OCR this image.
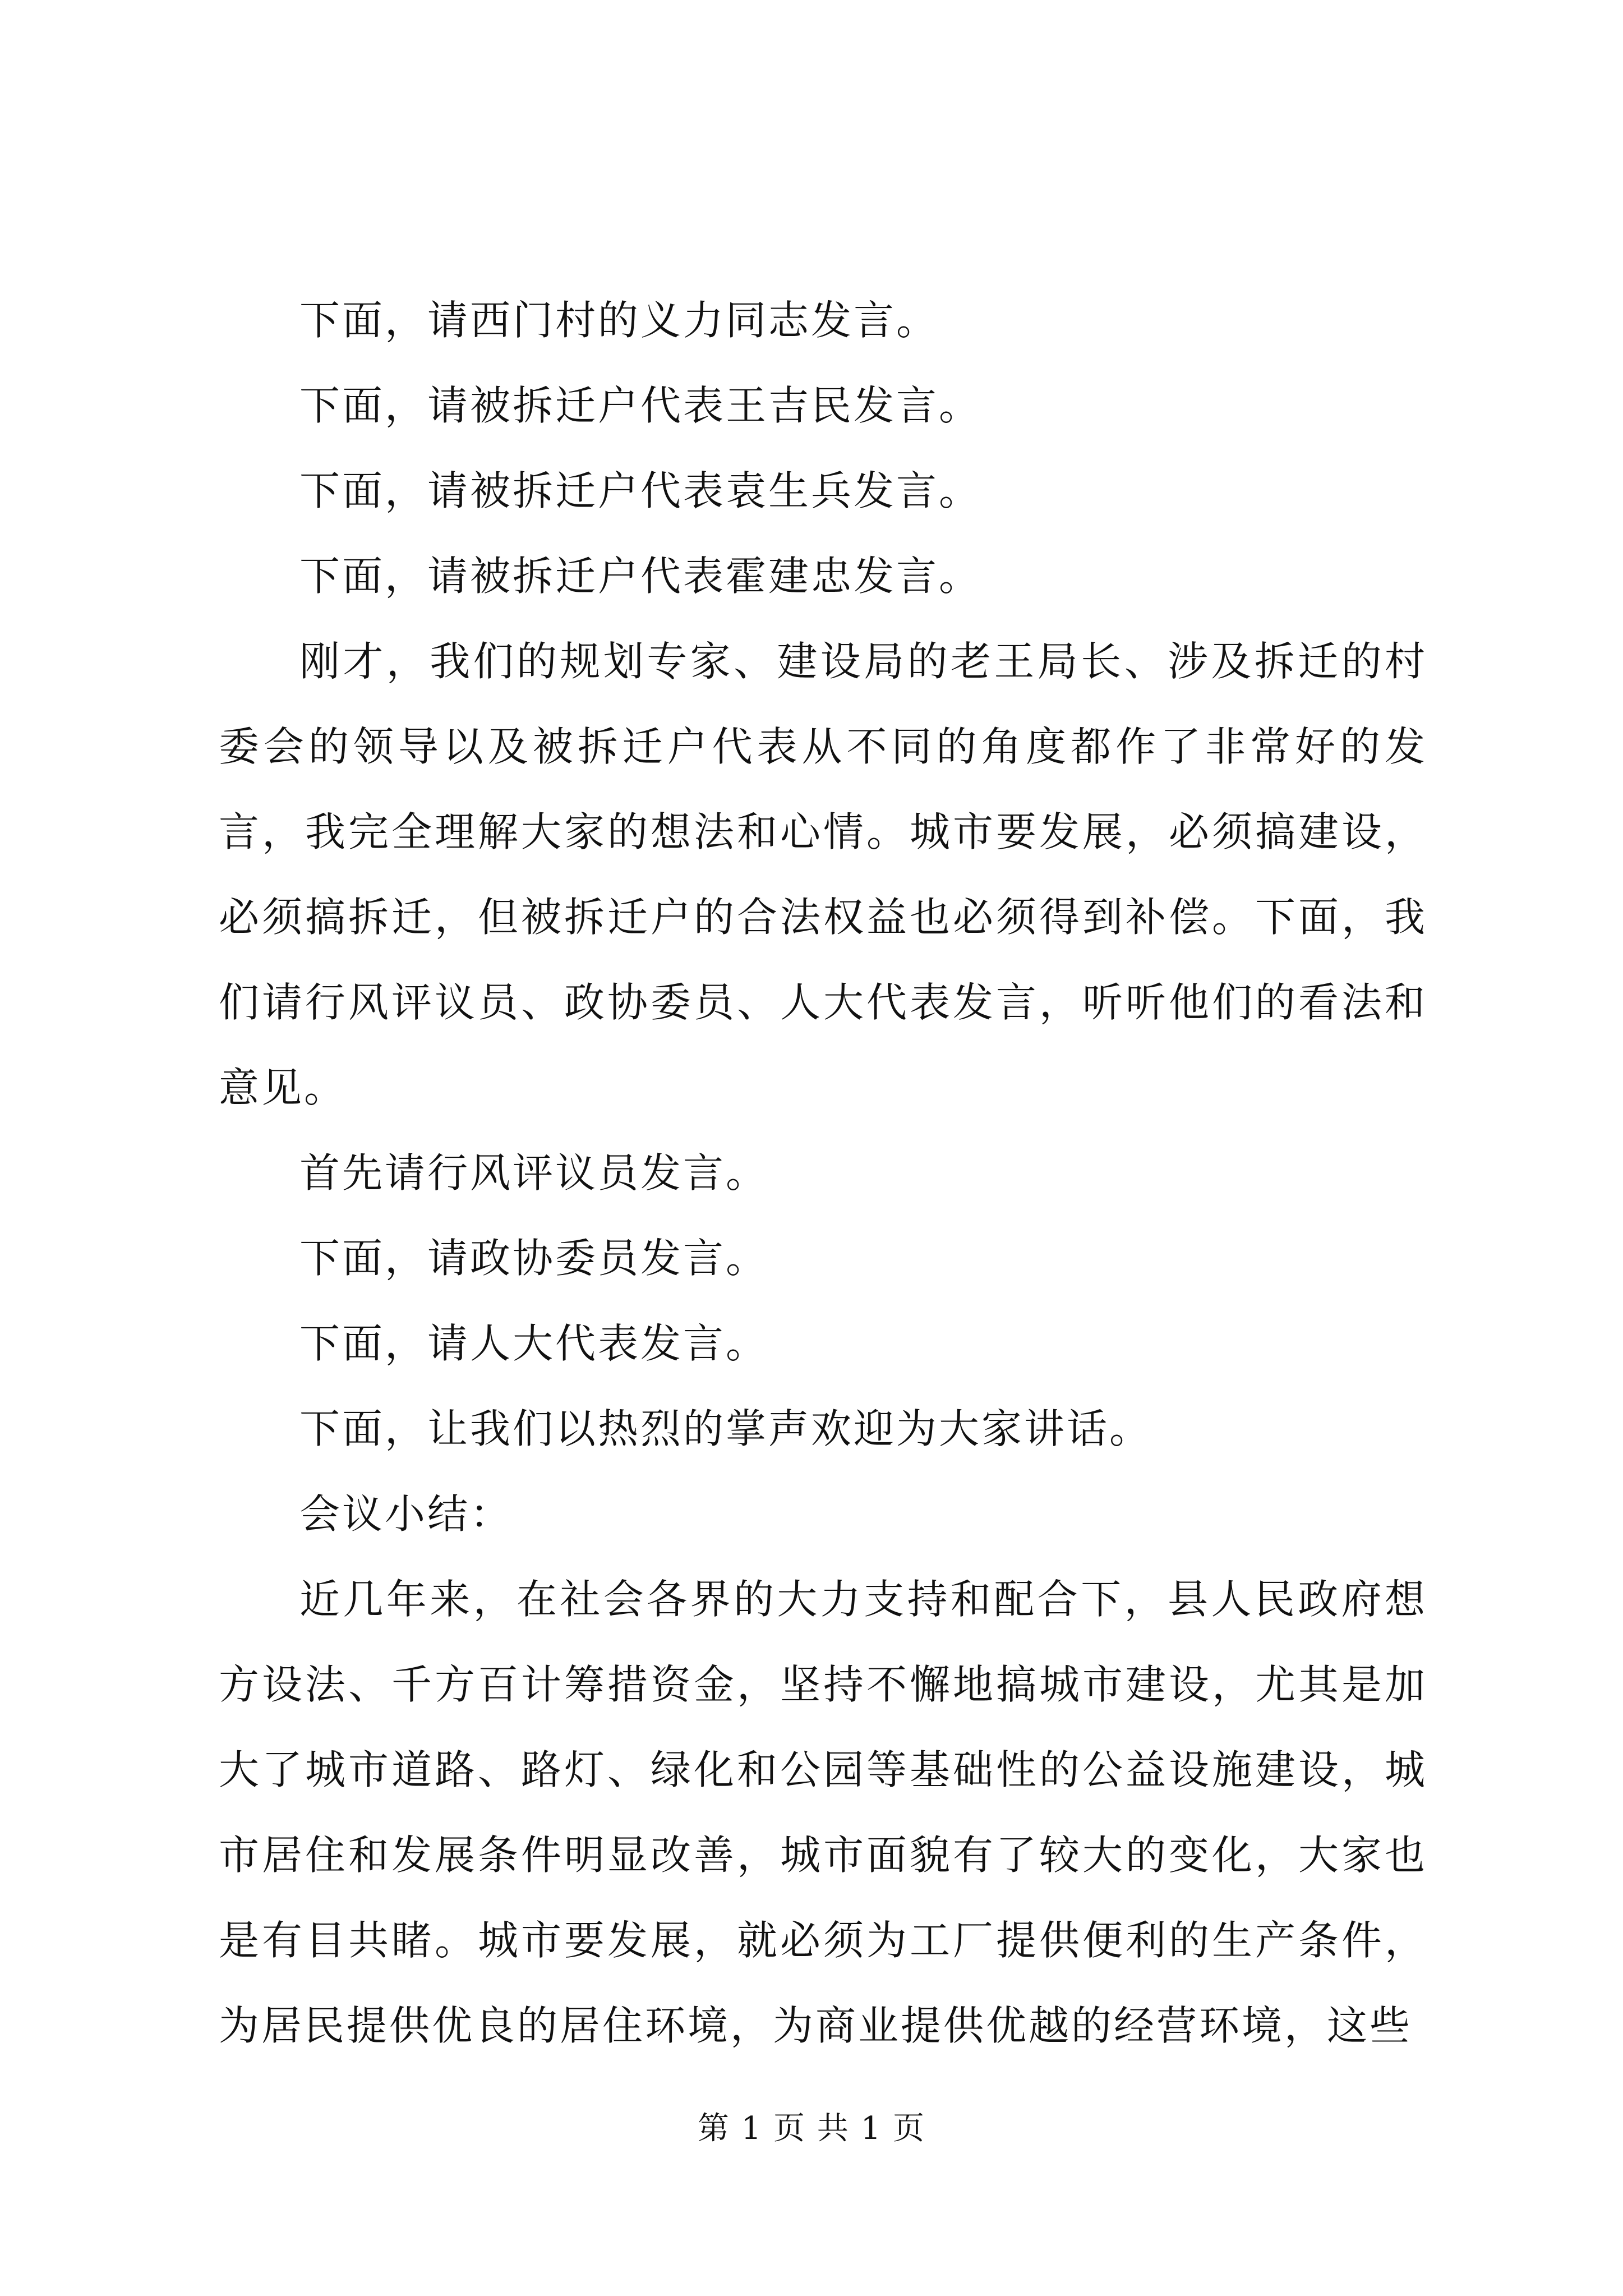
下面，请西门村的义力同志发言。

下面，请被拆迁户代表王吉民发言。

下面，请被拆迁户代表袁生兵发言。

下面，请被拆迁户代表霍建忠发言。

刚才，我们的规划专家、建设局的老王局长、涉及拆迁的村委会的领导以及被拆迁户代表从不同的角度都作了非常好的发言，我完全理解大家的想法和心情。城市要发展，必须搞建设，必须搞拆迁，但被拆迁户的合法权益也必须得到补偿。下面，我们请行风评议员、政协委员、人大代表发言，听听他们的看法和意见。

首先请行风评议员发言。

下面，请政协委员发言。

下面，请人大代表发言。

下面，让我们以热烈的掌声欢迎为大家讲话。

会议小结：

近几年来，在社会各界的大力支持和配合下，县人民政府想方设法、千方百计筹措资金，坚持不懈地搞城市建设，尤其是加大了城市道路、路灯、绿化和公园等基础性的公益设施建设，城市居住和发展条件明显改善，城市面貌有了较大的变化，大家也是有目共睹。城市要发展，就必须为工厂提供便利的生产条件，为居民提供优良的居住环境，为商业提供优越的经营环境，这些

第 1 页 共 1 页
